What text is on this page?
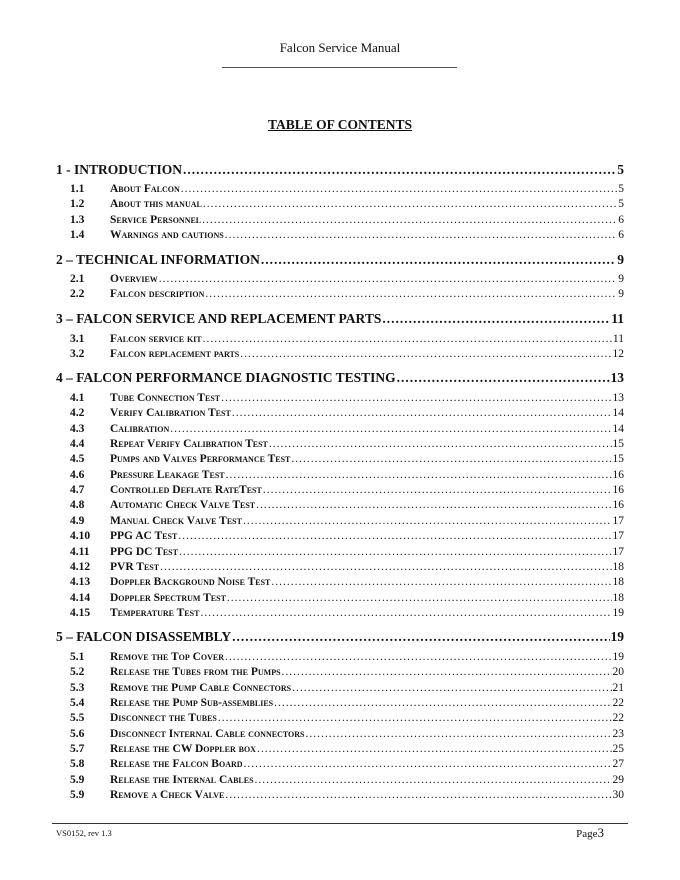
Falcon Service Manual
TABLE OF CONTENTS
1 - INTRODUCTION .....	5
1.1	About Falcon .....	5
1.2	About this manual .....	5
1.3	Service Personnel .....	6
1.4	Warnings and cautions .....	6
2 – TECHNICAL INFORMATION .....	9
2.1	Overview .....	9
2.2	Falcon description .....	9
3 – FALCON SERVICE AND REPLACEMENT PARTS .....	11
3.1	Falcon service kit .....	11
3.2	Falcon replacement parts .....	12
4 – FALCON PERFORMANCE DIAGNOSTIC TESTING .....	13
4.1	Tube Connection Test .....	13
4.2	Verify Calibration Test .....	14
4.3	Calibration .....	14
4.4	Repeat Verify Calibration Test .....	15
4.5	Pumps and Valves Performance Test .....	15
4.6	Pressure Leakage Test .....	16
4.7	Controlled Deflate RateTest .....	16
4.8	Automatic Check Valve Test .....	16
4.9	Manual Check Valve Test .....	17
4.10	PPG AC Test .....	17
4.11	PPG DC Test .....	17
4.12	PVR Test .....	18
4.13	Doppler Background Noise Test .....	18
4.14	Doppler Spectrum Test .....	18
4.15	Temperature Test .....	19
5 – FALCON DISASSEMBLY .....	19
5.1	Remove the Top Cover .....	19
5.2	Release the Tubes from the Pumps .....	20
5.3	Remove the Pump Cable Connectors .....	21
5.4	Release the Pump Sub-assemblies .....	22
5.5	Disconnect the Tubes .....	22
5.6	Disconnect Internal Cable connectors .....	23
5.7	Release the CW Doppler box .....	25
5.8	Release the Falcon Board .....	27
5.9	Release the Internal Cables .....	29
5.9	Remove a Check Valve .....	30
VS0152, rev 1.3	Page3
